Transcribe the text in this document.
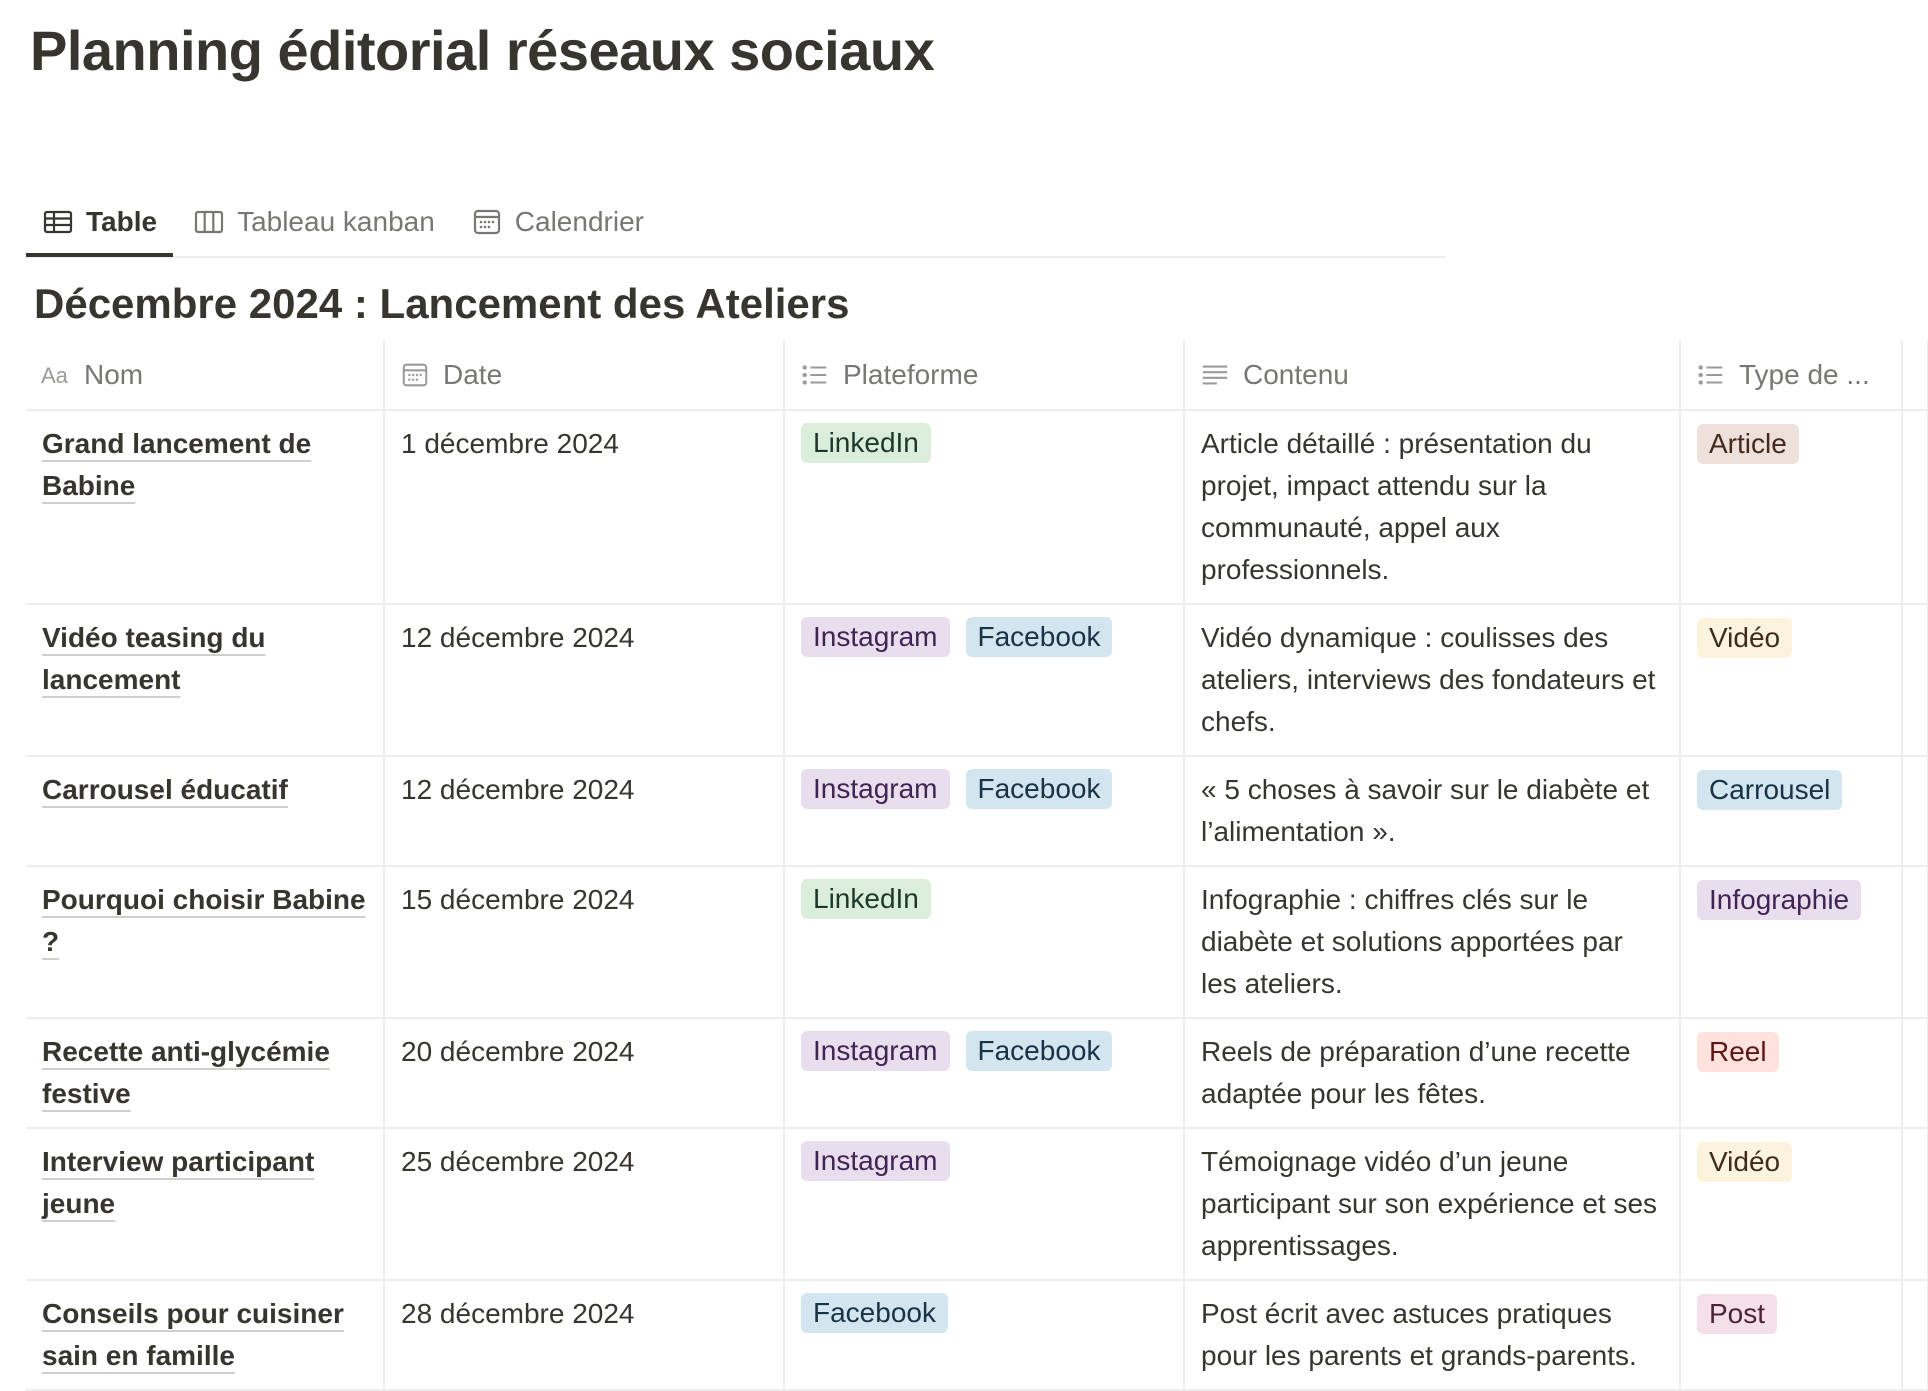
Planning éditorial réseaux sociaux
Table	Tableau kanban	Calendrier
Décembre 2024 : Lancement des Ateliers
Aa Nom	Date	Plateforme	Contenu	Type de ...	

Grand lancement de Babine	1 décembre 2024	LinkedIn	Article détaillé : présentation du projet, impact attendu sur la communauté, appel aux professionnels.	Article	
Vidéo teasing du lancement	12 décembre 2024	Instagram Facebook	Vidéo dynamique : coulisses des ateliers, interviews des fondateurs et chefs.	Vidéo	
Carrousel éducatif	12 décembre 2024	Instagram Facebook	« 5 choses à savoir sur le diabète et l’alimentation ».	Carrousel	
Pourquoi choisir Babine ?	15 décembre 2024	LinkedIn	Infographie : chiffres clés sur le diabète et solutions apportées par les ateliers.	Infographie	
Recette anti-glycémie festive	20 décembre 2024	Instagram Facebook	Reels de préparation d’une recette adaptée pour les fêtes.	Reel	
Interview participant jeune	25 décembre 2024	Instagram	Témoignage vidéo d’un jeune participant sur son expérience et ses apprentissages.	Vidéo	
Conseils pour cuisiner sain en famille	28 décembre 2024	Facebook	Post écrit avec astuces pratiques pour les parents et grands-parents.	Post	
